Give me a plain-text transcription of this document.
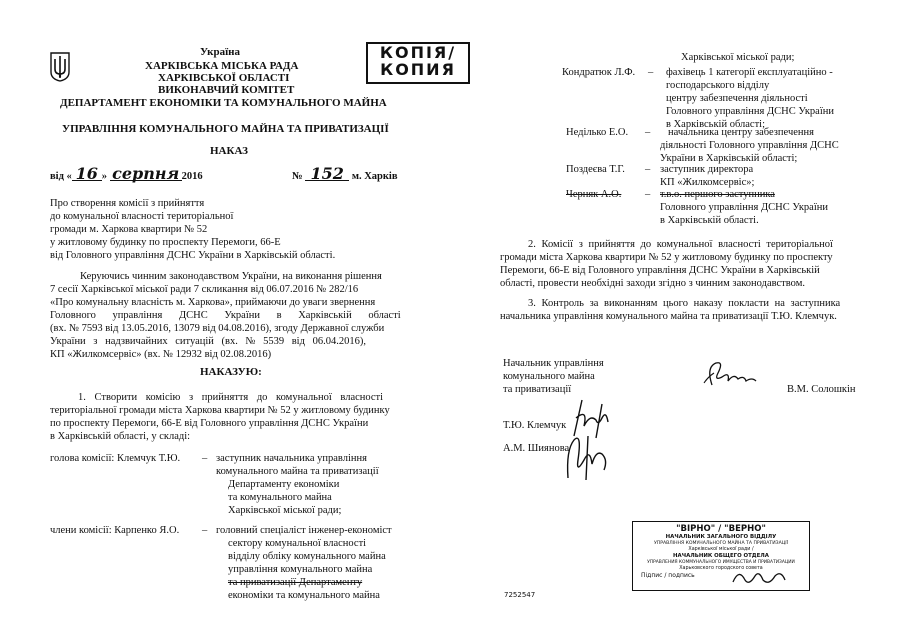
Україна
ХАРКІВСЬКА МІСЬКА РАДА
ХАРКІВСЬКОЇ ОБЛАСТІ
ВИКОНАВЧИЙ КОМІТЕТ
ДЕПАРТАМЕНТ ЕКОНОМІКИ ТА КОМУНАЛЬНОГО МАЙНА
УПРАВЛІННЯ КОМУНАЛЬНОГО МАЙНА ТА ПРИВАТИЗАЦІЇ
НАКАЗ
від « 16 » серпня 2016	№ 152 м. Харків
Про створення комісії з прийняття
до комунальної власності територіальної
громади м. Харкова квартири № 52
у житловому будинку по проспекту Перемоги, 66-Е
від Головного управління ДСНС України в Харківській області.
Керуючись чинним законодавством України, на виконання рішення
7 сесії Харківської міської ради 7 скликання від 06.07.2016 № 282/16
«Про комунальну власність м. Харкова», приймаючи до уваги звернення
Головного управління ДСНС України в Харківській області
(вх. № 7593 від 13.05.2016, 13079 від 04.08.2016), згоду Державної служби
України з надзвичайних ситуацій (вх. № 5539 від 06.04.2016),
КП «Жилкомсервіс» (вх. № 12932 від 02.08.2016)
НАКАЗУЮ:
1. Створити комісію з прийняття до комунальної власності
територіальної громади міста Харкова квартири № 52 у житловому будинку
по проспекту Перемоги, 66-Е від Головного управління ДСНС України
в Харківській області, у складі:
голова комісії: Клемчук Т.Ю. – заступник начальника управління
комунального майна та приватизації
Департаменту економіки
та комунального майна
Харківської міської ради;
члени комісії: Карпенко Я.О. – головний спеціаліст інженер-економіст
сектору комунальної власності
відділу обліку комунального майна
управління комунального майна
та приватизації Департаменту
економіки та комунального майна
КОПІЯ/
КОПИЯ
Харківської міської ради;
Кондратюк Л.Ф. – фахівець 1 категорії експлуатаційно -
господарського відділу
центру забезпечення діяльності
Головного управління ДСНС України
в Харківській області;
Неділько Е.О. –	начальника центру забезпечення
діяльності Головного управління ДСНС
України в Харківській області;
Поздеєва Т.Г. – заступник директора
КП «Жилкомсервіс»;
Черняк А.О. – т.в.о. першого заступника
Головного управління ДСНС України
в Харківській області.
2. Комісії з прийняття до комунальної власності територіальної
громади міста Харкова квартири № 52 у житловому будинку по проспекту
Перемоги, 66-Е від Головного управління ДСНС України в Харківській
області, провести необхідні заходи згідно з чинним законодавством.
3. Контроль за виконанням цього наказу покласти на заступника
начальника управління комунального майна та приватизації Т.Ю. Клемчук.
Начальник управління
комунального майна
та приватизації	В.М. Солошкін
Т.Ю. Клемчук
А.М. Шиянова
7252547
"ВІРНО" / "ВЕРНО"
НАЧАЛЬНИК ЗАГАЛЬНОГО ВІДДІЛУ
УПРАВЛІННЯ КОМУНАЛЬНОГО МАЙНА ТА ПРИВАТИЗАЦІЇ
Харківської міської ради /
НАЧАЛЬНИК ОБЩЕГО ОТДЕЛА
УПРАВЛЕНИЯ КОММУНАЛЬНОГО ИМУЩЕСТВА И ПРИВАТИЗАЦИИ
Харьковского городского совета
Підпис / подпись
